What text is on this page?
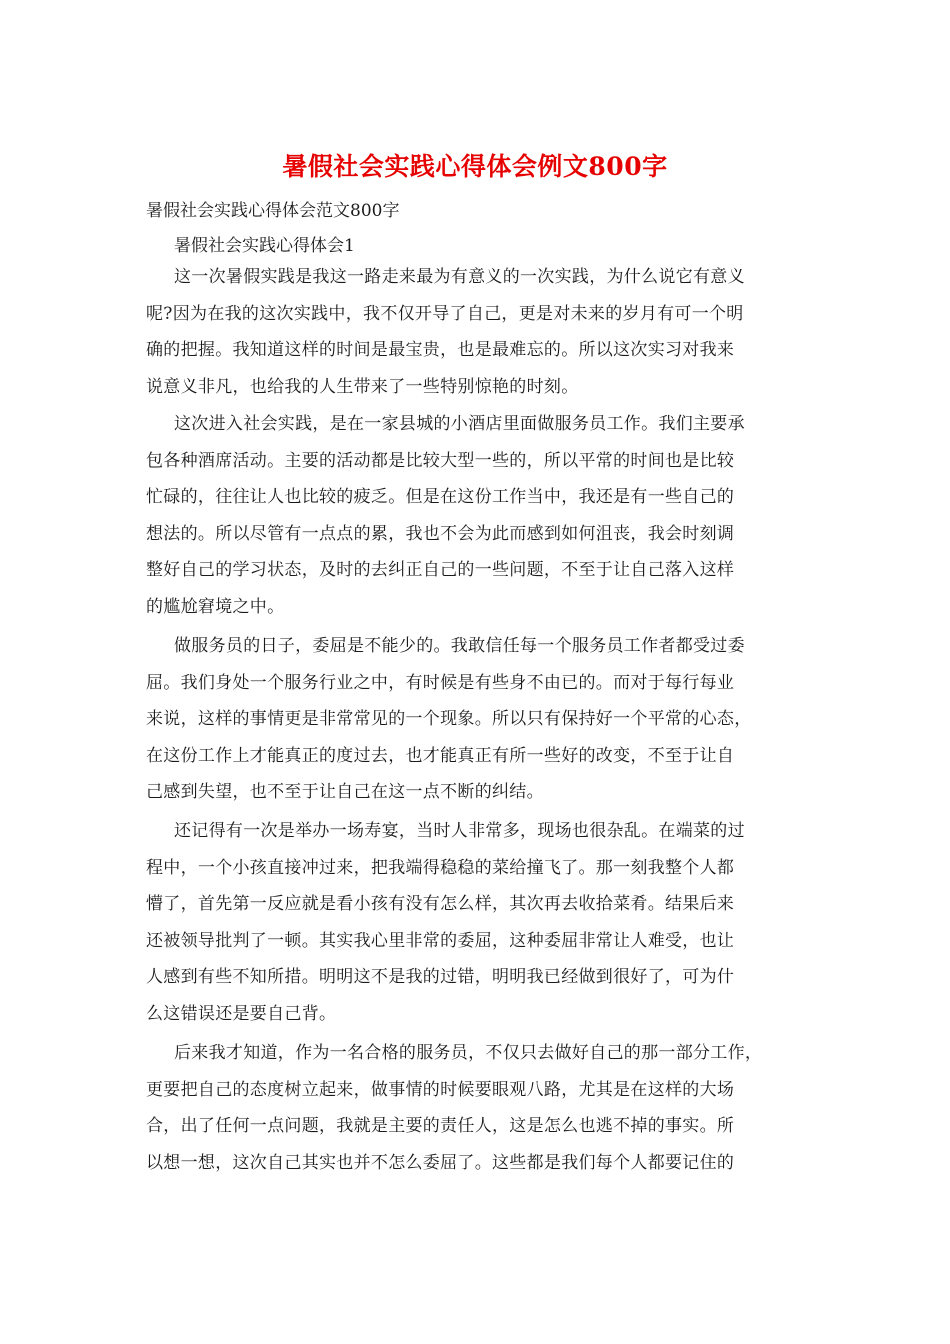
暑假社会实践心得体会例文800字
暑假社会实践心得体会范文800字
暑假社会实践心得体会1
这一次暑假实践是我这一路走来最为有意义的一次实践，为什么说它有意义
呢?因为在我的这次实践中，我不仅开导了自己，更是对未来的岁月有可一个明
确的把握。我知道这样的时间是最宝贵，也是最难忘的。所以这次实习对我来
说意义非凡，也给我的人生带来了一些特别惊艳的时刻。
这次进入社会实践，是在一家县城的小酒店里面做服务员工作。我们主要承
包各种酒席活动。主要的活动都是比较大型一些的，所以平常的时间也是比较
忙碌的，往往让人也比较的疲乏。但是在这份工作当中，我还是有一些自己的
想法的。所以尽管有一点点的累，我也不会为此而感到如何沮丧，我会时刻调
整好自己的学习状态，及时的去纠正自己的一些问题，不至于让自己落入这样
的尴尬窘境之中。
做服务员的日子，委屈是不能少的。我敢信任每一个服务员工作者都受过委
屈。我们身处一个服务行业之中，有时候是有些身不由已的。而对于每行每业
来说，这样的事情更是非常常见的一个现象。所以只有保持好一个平常的心态，
在这份工作上才能真正的度过去，也才能真正有所一些好的改变，不至于让自
己感到失望，也不至于让自己在这一点不断的纠结。
还记得有一次是举办一场寿宴，当时人非常多，现场也很杂乱。在端菜的过
程中，一个小孩直接冲过来，把我端得稳稳的菜给撞飞了。那一刻我整个人都
懵了，首先第一反应就是看小孩有没有怎么样，其次再去收拾菜肴。结果后来
还被领导批判了一顿。其实我心里非常的委屈，这种委屈非常让人难受，也让
人感到有些不知所措。明明这不是我的过错，明明我已经做到很好了，可为什
么这错误还是要自己背。
后来我才知道，作为一名合格的服务员，不仅只去做好自己的那一部分工作，
更要把自己的态度树立起来，做事情的时候要眼观八路，尤其是在这样的大场
合，出了任何一点问题，我就是主要的责任人，这是怎么也逃不掉的事实。所
以想一想，这次自己其实也并不怎么委屈了。这些都是我们每个人都要记住的
